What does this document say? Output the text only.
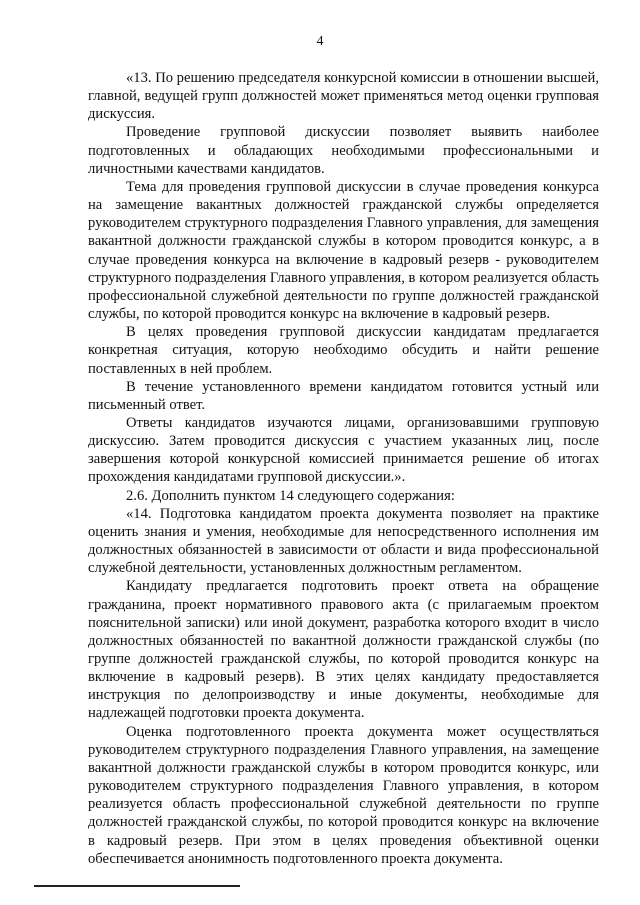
4

«13. По решению председателя конкурсной комиссии в отношении высшей, главной, ведущей групп должностей может применяться метод оценки групповая дискуссия.

Проведение групповой дискуссии позволяет выявить наиболее подготовленных и обладающих необходимыми профессиональными и личностными качествами кандидатов.

Тема для проведения групповой дискуссии в случае проведения конкурса на замещение вакантных должностей гражданской службы определяется руководителем структурного подразделения Главного управления, для замещения вакантной должности гражданской службы в котором проводится конкурс, а в случае проведения конкурса на включение в кадровый резерв - руководителем структурного подразделения Главного управления, в котором реализуется область профессиональной служебной деятельности по группе должностей гражданской службы, по которой проводится конкурс на включение в кадровый резерв.

В целях проведения групповой дискуссии кандидатам предлагается конкретная ситуация, которую необходимо обсудить и найти решение поставленных в ней проблем.

В течение установленного времени кандидатом готовится устный или письменный ответ.

Ответы кандидатов изучаются лицами, организовавшими групповую дискуссию. Затем проводится дискуссия с участием указанных лиц, после завершения которой конкурсной комиссией принимается решение об итогах прохождения кандидатами групповой дискуссии.».

2.6. Дополнить пунктом 14 следующего содержания:

«14. Подготовка кандидатом проекта документа позволяет на практике оценить знания и умения, необходимые для непосредственного исполнения им должностных обязанностей в зависимости от области и вида профессиональной служебной деятельности, установленных должностным регламентом.

Кандидату предлагается подготовить проект ответа на обращение гражданина, проект нормативного правового акта (с прилагаемым проектом пояснительной записки) или иной документ, разработка которого входит в число должностных обязанностей по вакантной должности гражданской службы (по группе должностей гражданской службы, по которой проводится конкурс на включение в кадровый резерв). В этих целях кандидату предоставляется инструкция по делопроизводству и иные документы, необходимые для надлежащей подготовки проекта документа.

Оценка подготовленного проекта документа может осуществляться руководителем структурного подразделения Главного управления, на замещение вакантной должности гражданской службы в котором проводится конкурс, или руководителем структурного подразделения Главного управления, в котором реализуется область профессиональной служебной деятельности по группе должностей гражданской службы, по которой проводится конкурс на включение в кадровый резерв. При этом в целях проведения объективной оценки обеспечивается анонимность подготовленного проекта документа.
